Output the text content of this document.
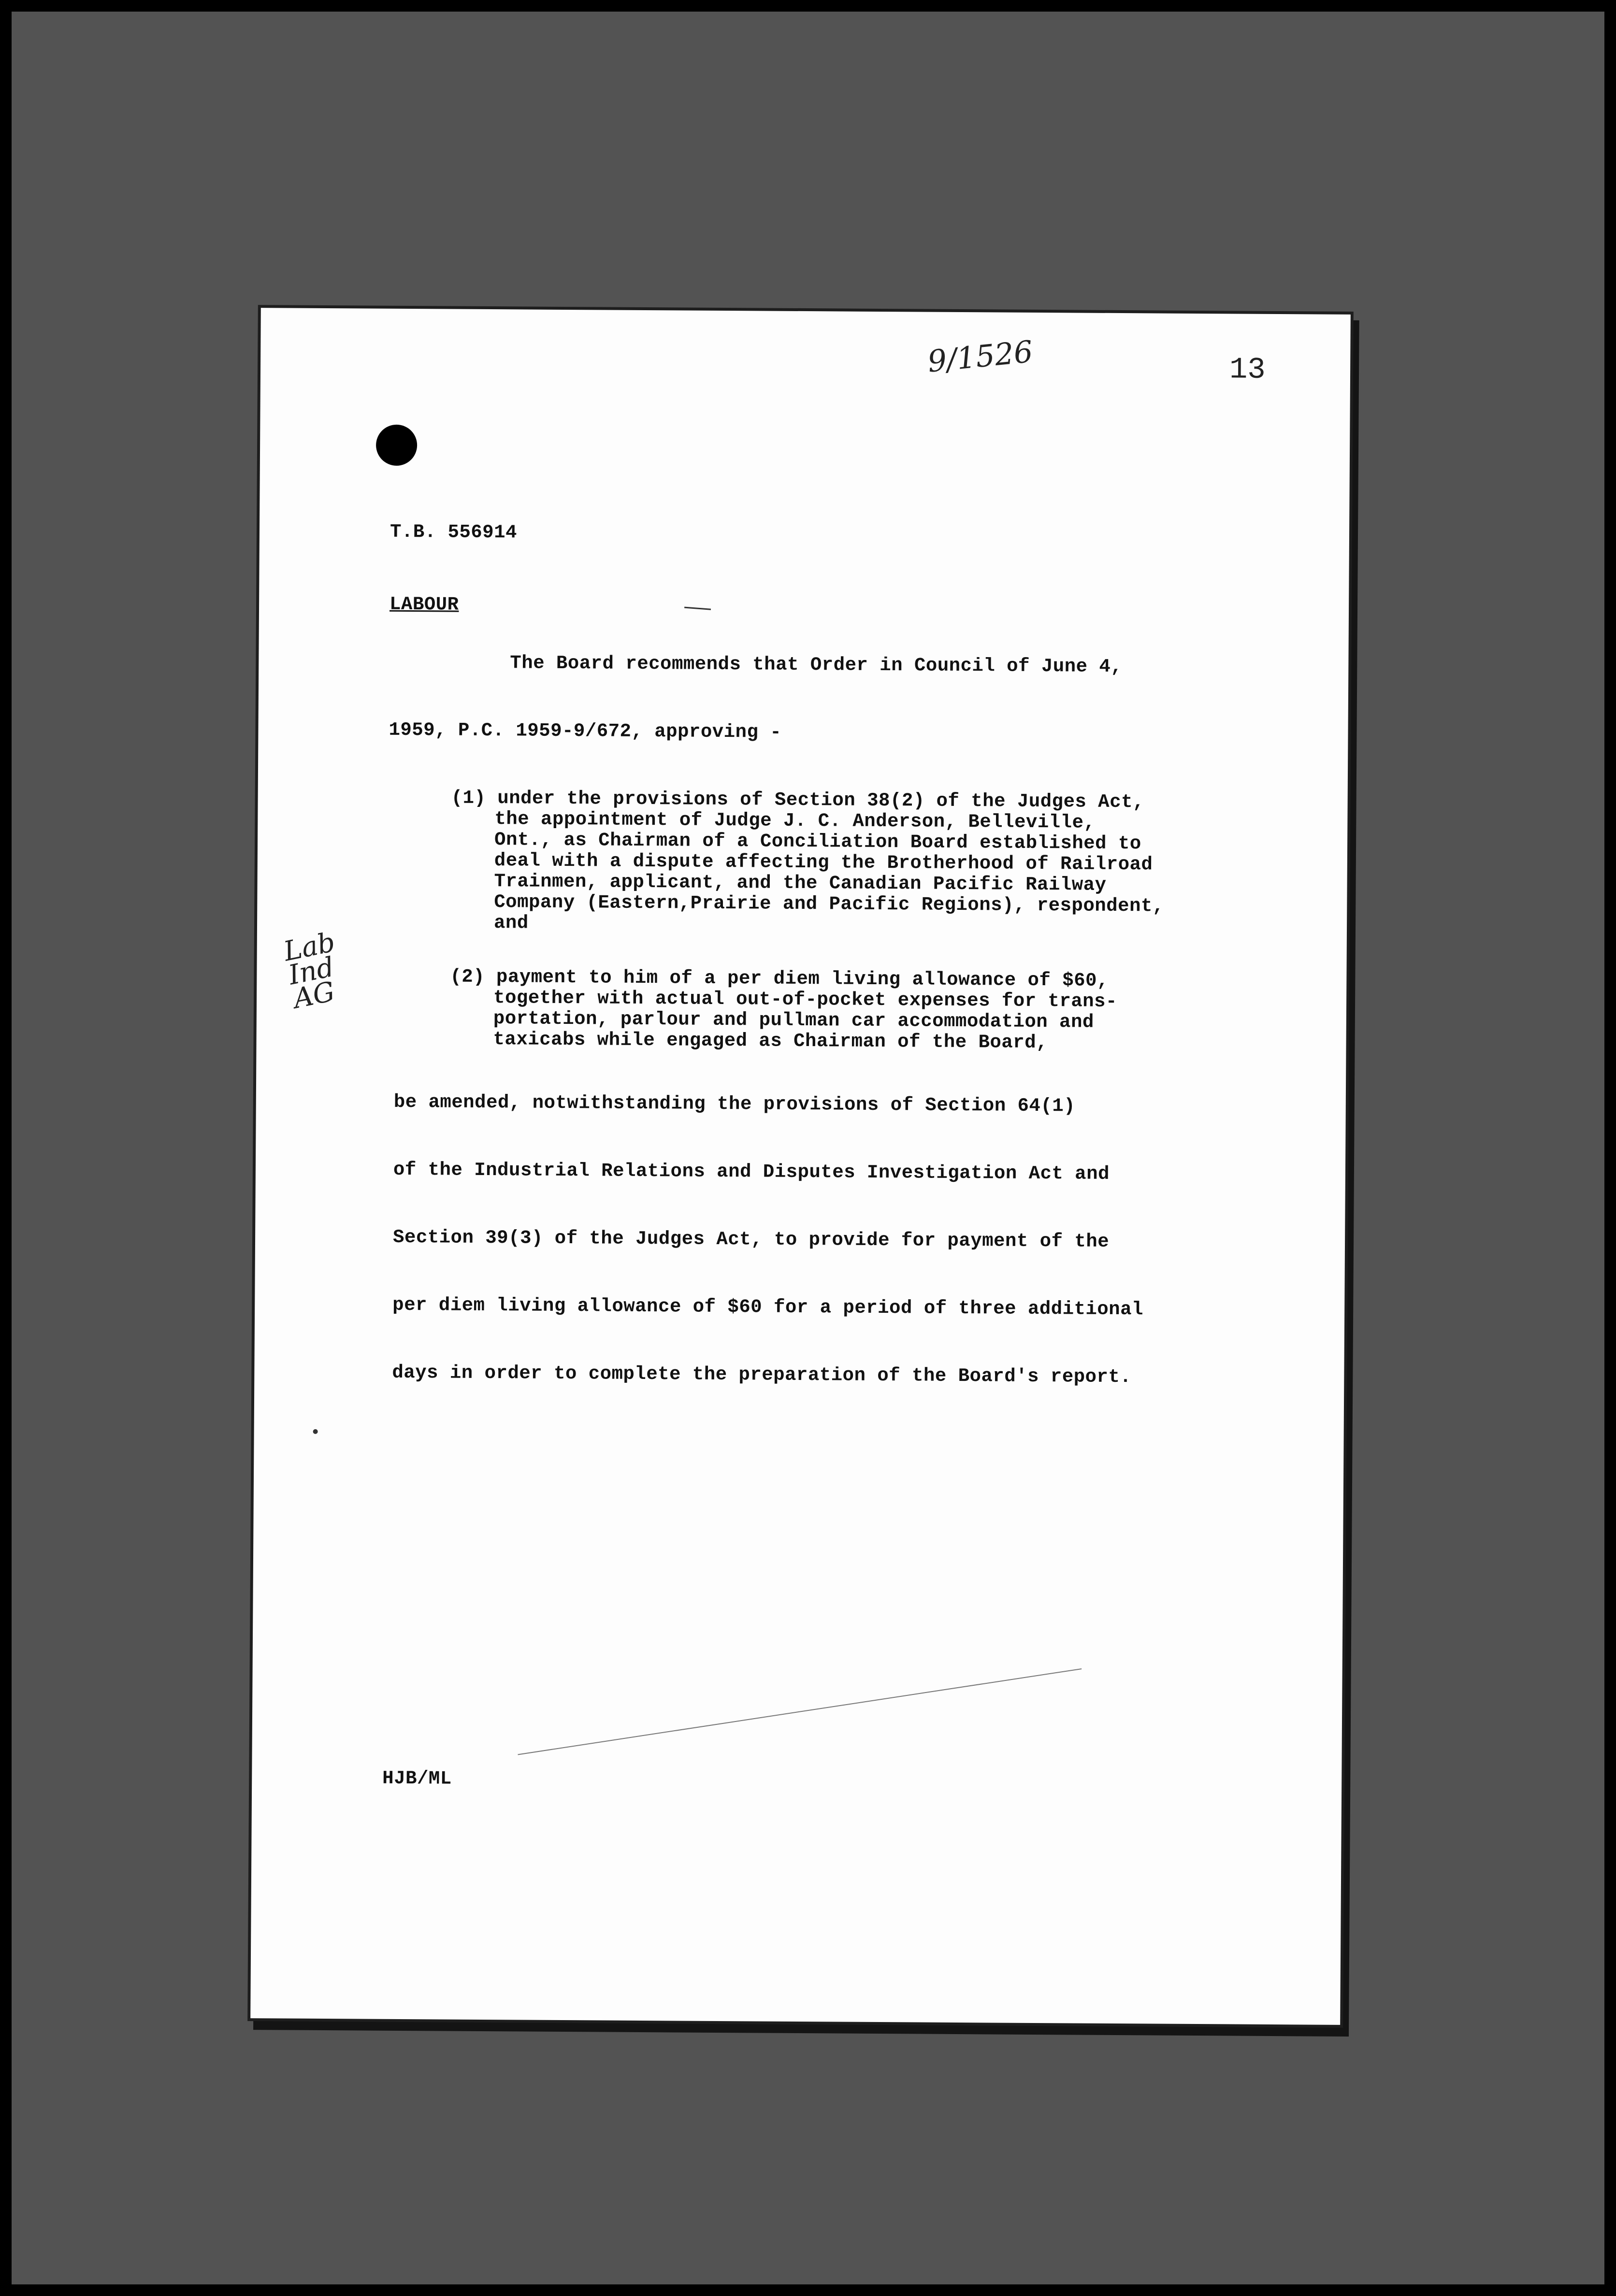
9/1526	13
T.B. 556914
LABOUR
The Board recommends that Order in Council of June 4,
1959, P.C. 1959-9/672, approving -
(1) under the provisions of Section 38(2) of the Judges Act,
the appointment of Judge J. C. Anderson, Belleville,
Ont., as Chairman of a Conciliation Board established to
deal with a dispute affecting the Brotherhood of Railroad
Trainmen, applicant, and the Canadian Pacific Railway
Company (Eastern,Prairie and Pacific Regions), respondent,
and
Lab Ind AG	(2) payment to him of a per diem living allowance of $60,
together with actual out-of-pocket expenses for trans-
portation, parlour and pullman car accommodation and
taxicabs while engaged as Chairman of the Board,
be amended, notwithstanding the provisions of Section 64(1)
of the Industrial Relations and Disputes Investigation Act and
Section 39(3) of the Judges Act, to provide for payment of the
per diem living allowance of $60 for a period of three additional
days in order to complete the preparation of the Board's report.
HJB/ML
